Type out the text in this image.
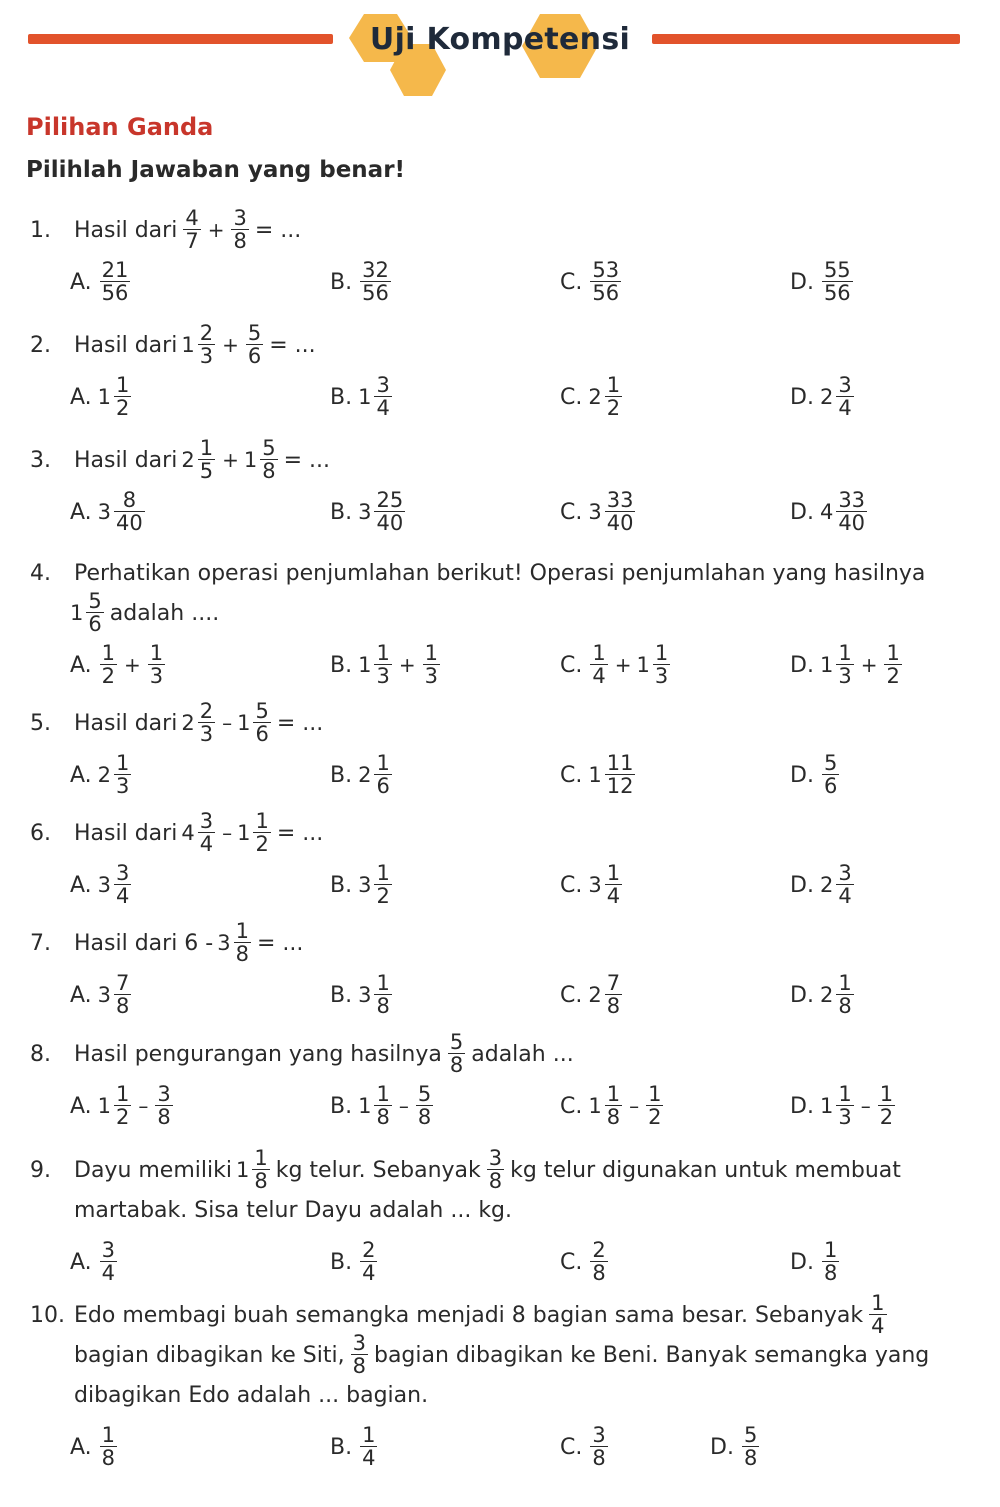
Uji Kompetensi
Pilihan Ganda
Pilihlah Jawaban yang benar!
1.	Hasil dari $\frac{4}{7} + \frac{3}{8}$ = ...
A. $\frac{21}{56}$	B. $\frac{32}{56}$	C. $\frac{53}{56}$	D. $\frac{55}{56}$
2.	Hasil dari $1 \frac{2}{3} + \frac{5}{6}$ = ...
A. $1 \frac{1}{2}$	B. $1 \frac{3}{4}$	C. $2 \frac{1}{2}$	D. $2 \frac{3}{4}$
3.	Hasil dari $2 \frac{1}{5} + 1 \frac{5}{8}$ = ...
A. $3 \frac{8}{40}$	B. $3 \frac{25}{40}$	C. $3 \frac{33}{40}$	D. $4 \frac{33}{40}$
4.	Perhatikan operasi penjumlahan berikut! Operasi penjumlahan yang hasilnya
$1 \frac{5}{6}$ adalah ....
A. $\frac{1}{2} + \frac{1}{3}$	B. $1 \frac{1}{3} + \frac{1}{3}$	C. $\frac{1}{4} + 1 \frac{1}{3}$	D. $1 \frac{1}{3} + \frac{1}{2}$
5.	Hasil dari $2 \frac{2}{3} - 1 \frac{5}{6}$ = ...
A. $2 \frac{1}{3}$	B. $2 \frac{1}{6}$	C. $1 \frac{11}{12}$	D. $\frac{5}{6}$
6.	Hasil dari $4 \frac{3}{4} - 1 \frac{1}{2}$ = ...
A. $3 \frac{3}{4}$	B. $3 \frac{1}{2}$	C. $3 \frac{1}{4}$	D. $2 \frac{3}{4}$
7.	Hasil dari $6 - 3 \frac{1}{8}$ = ...
A. $3 \frac{7}{8}$	B. $3 \frac{1}{8}$	C. $2 \frac{7}{8}$	D. $2 \frac{1}{8}$
8.	Hasil pengurangan yang hasilnya $\frac{5}{8}$ adalah ...
A. $1 \frac{1}{2} - \frac{3}{8}$	B. $1 \frac{1}{8} - \frac{5}{8}$	C. $1 \frac{1}{8} - \frac{1}{2}$	D. $1 \frac{1}{3} - \frac{1}{2}$
9.	Dayu memiliki $1 \frac{1}{8}$ kg telur. Sebanyak $\frac{3}{8}$ kg telur digunakan untuk membuat
martabak. Sisa telur Dayu adalah ... kg.
A. $\frac{3}{4}$	B. $\frac{2}{4}$	C. $\frac{2}{8}$	D. $\frac{1}{8}$
10. Edo membagi buah semangka menjadi 8 bagian sama besar. Sebanyak $\frac{1}{4}$
bagian dibagikan ke Siti, $\frac{3}{8}$ bagian dibagikan ke Beni. Banyak semangka yang
dibagikan Edo adalah ... bagian.
A. $\frac{1}{8}$	B. $\frac{1}{4}$	C. $\frac{3}{8}$	D. $\frac{5}{8}$
